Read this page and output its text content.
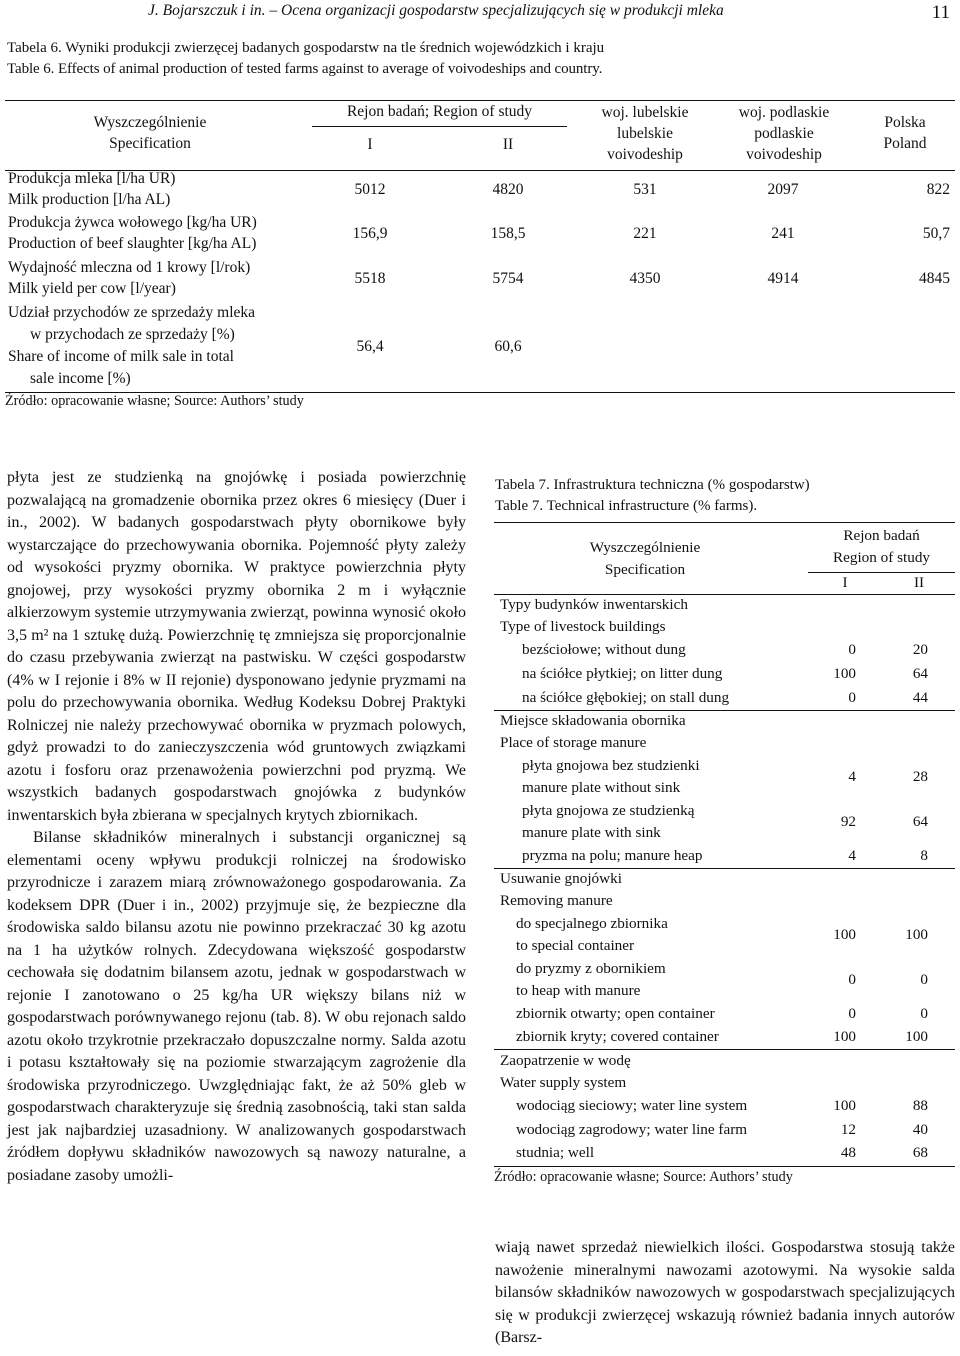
J. Bojarszczuk i in. – Ocena organizacji gospodarstw specjalizujących się w produkcji mleka	11
Tabela 6. Wyniki produkcji zwierzęcej badanych gospodarstw na tle średnich wojewódzkich i kraju
Table 6. Effects of animal production of tested farms against to average of voivodeships and country.
Wyszczególnienie
Specification
Rejon badań; Region of study
I	II
woj. lubelskie
lubelskie
voivodeship
woj. podlaskie
podlaskie
voivodeship
Polska
Poland
Produkcja mleka [l/ha UR)
Milk production [l/ha AL)
5012	4820	531	2097	822
Produkcja żywca wołowego [kg/ha UR)
Production of beef slaughter [kg/ha AL)
156,9	158,5	221	241	50,7
Wydajność mleczna od 1 krowy [l/rok)
Milk yield per cow [l/year)
5518	5754	4350	4914	4845
Udział przychodów ze sprzedaży mleka
w przychodach ze sprzedaży [%)
Share of income of milk sale in total
sale income [%)
56,4	60,6
Źródło: opracowanie własne; Source: Authors’ study

płyta jest ze studzienką na gnojówkę i posiada powierzchnię pozwalającą na gromadzenie obornika przez okres 6 miesięcy (Duer i in., 2002). W badanych gospodarstwach płyty obornikowe były wystarczające do przechowywania obornika. Pojemność płyty zależy od wysokości pryzmy obornika. W praktyce powierzchnia płyty gnojowej, przy wysokości pryzmy obornika 2 m i wyłącznie alkierzowym systemie utrzymywania zwierząt, powinna wynosić około 3,5 m² na 1 sztukę dużą. Powierzchnię tę zmniejsza się proporcjonalnie do czasu przebywania zwierząt na pastwisku. W części gospodarstw (4% w I rejonie i 8% w II rejonie) dysponowano jedynie pryzmami na polu do przechowywania obornika. Według Kodeksu Dobrej Praktyki Rolniczej nie należy przechowywać obornika w pryzmach polowych, gdyż prowadzi to do zanieczyszczenia wód gruntowych związkami azotu i fosforu oraz przenawożenia powierzchni pod pryzmą. We wszystkich badanych gospodarstwach gnojówka z budynków inwentarskich była zbierana w specjalnych krytych zbiornikach.

Bilanse składników mineralnych i substancji organicznej są elementami oceny wpływu produkcji rolniczej na środowisko przyrodnicze i zarazem miarą zrównoważonego gospodarowania. Za kodeksem DPR (Duer i in., 2002) przyjmuje się, że bezpieczne dla środowiska saldo bilansu azotu nie powinno przekraczać 30 kg azotu na 1 ha użytków rolnych. Zdecydowana większość gospodarstw cechowała się dodatnim bilansem azotu, jednak w gospodarstwach w rejonie I zanotowano o 25 kg/ha UR większy bilans niż w gospodarstwach porównywanego rejonu (tab. 8). W obu rejonach saldo azotu około trzykrotnie przekraczało dopuszczalne normy. Salda azotu i potasu kształtowały się na poziomie stwarzającym zagrożenie dla środowiska przyrodniczego. Uwzględniając fakt, że aż 50% gleb w gospodarstwach charakteryzuje się średnią zasobnością, taki stan salda jest jak najbardziej uzasadniony. W analizowanych gospodarstwach źródłem dopływu składników nawozowych są nawozy naturalne, a posiadane zasoby umożli-

Tabela 7. Infrastruktura techniczna (% gospodarstw)
Table 7. Technical infrastructure (% farms).
Wyszczególnienie
Specification
Rejon badań
Region of study
I	II
Typy budynków inwentarskich
Type of livestock buildings
bezściołowe; without dung	0	20
na ściółce płytkiej; on litter dung	100	64
na ściółce głębokiej; on stall dung	0	44
Miejsce składowania obornika
Place of storage manure
płyta gnojowa bez studzienki
manure plate without sink
4	28
płyta gnojowa ze studzienką
manure plate with sink
92	64
pryzma na polu; manure heap	4	8
Usuwanie gnojówki
Removing manure
do specjalnego zbiornika
to special container
100	100
do pryzmy z obornikiem
to heap with manure
0	0
zbiornik otwarty; open container	0	0
zbiornik kryty; covered container	100	100
Zaopatrzenie w wodę
Water supply system
wodociąg sieciowy; water line system	100	88
wodociąg zagrodowy; water line farm	12	40
studnia; well	48	68
Źródło: opracowanie własne; Source: Authors’ study

wiają nawet sprzedaż niewielkich ilości. Gospodarstwa stosują także nawożenie mineralnymi nawozami azotowymi. Na wysokie salda bilansów składników nawozowych w gospodarstwach specjalizujących się w produkcji zwierzęcej wskazują również badania innych autorów (Barsz-
